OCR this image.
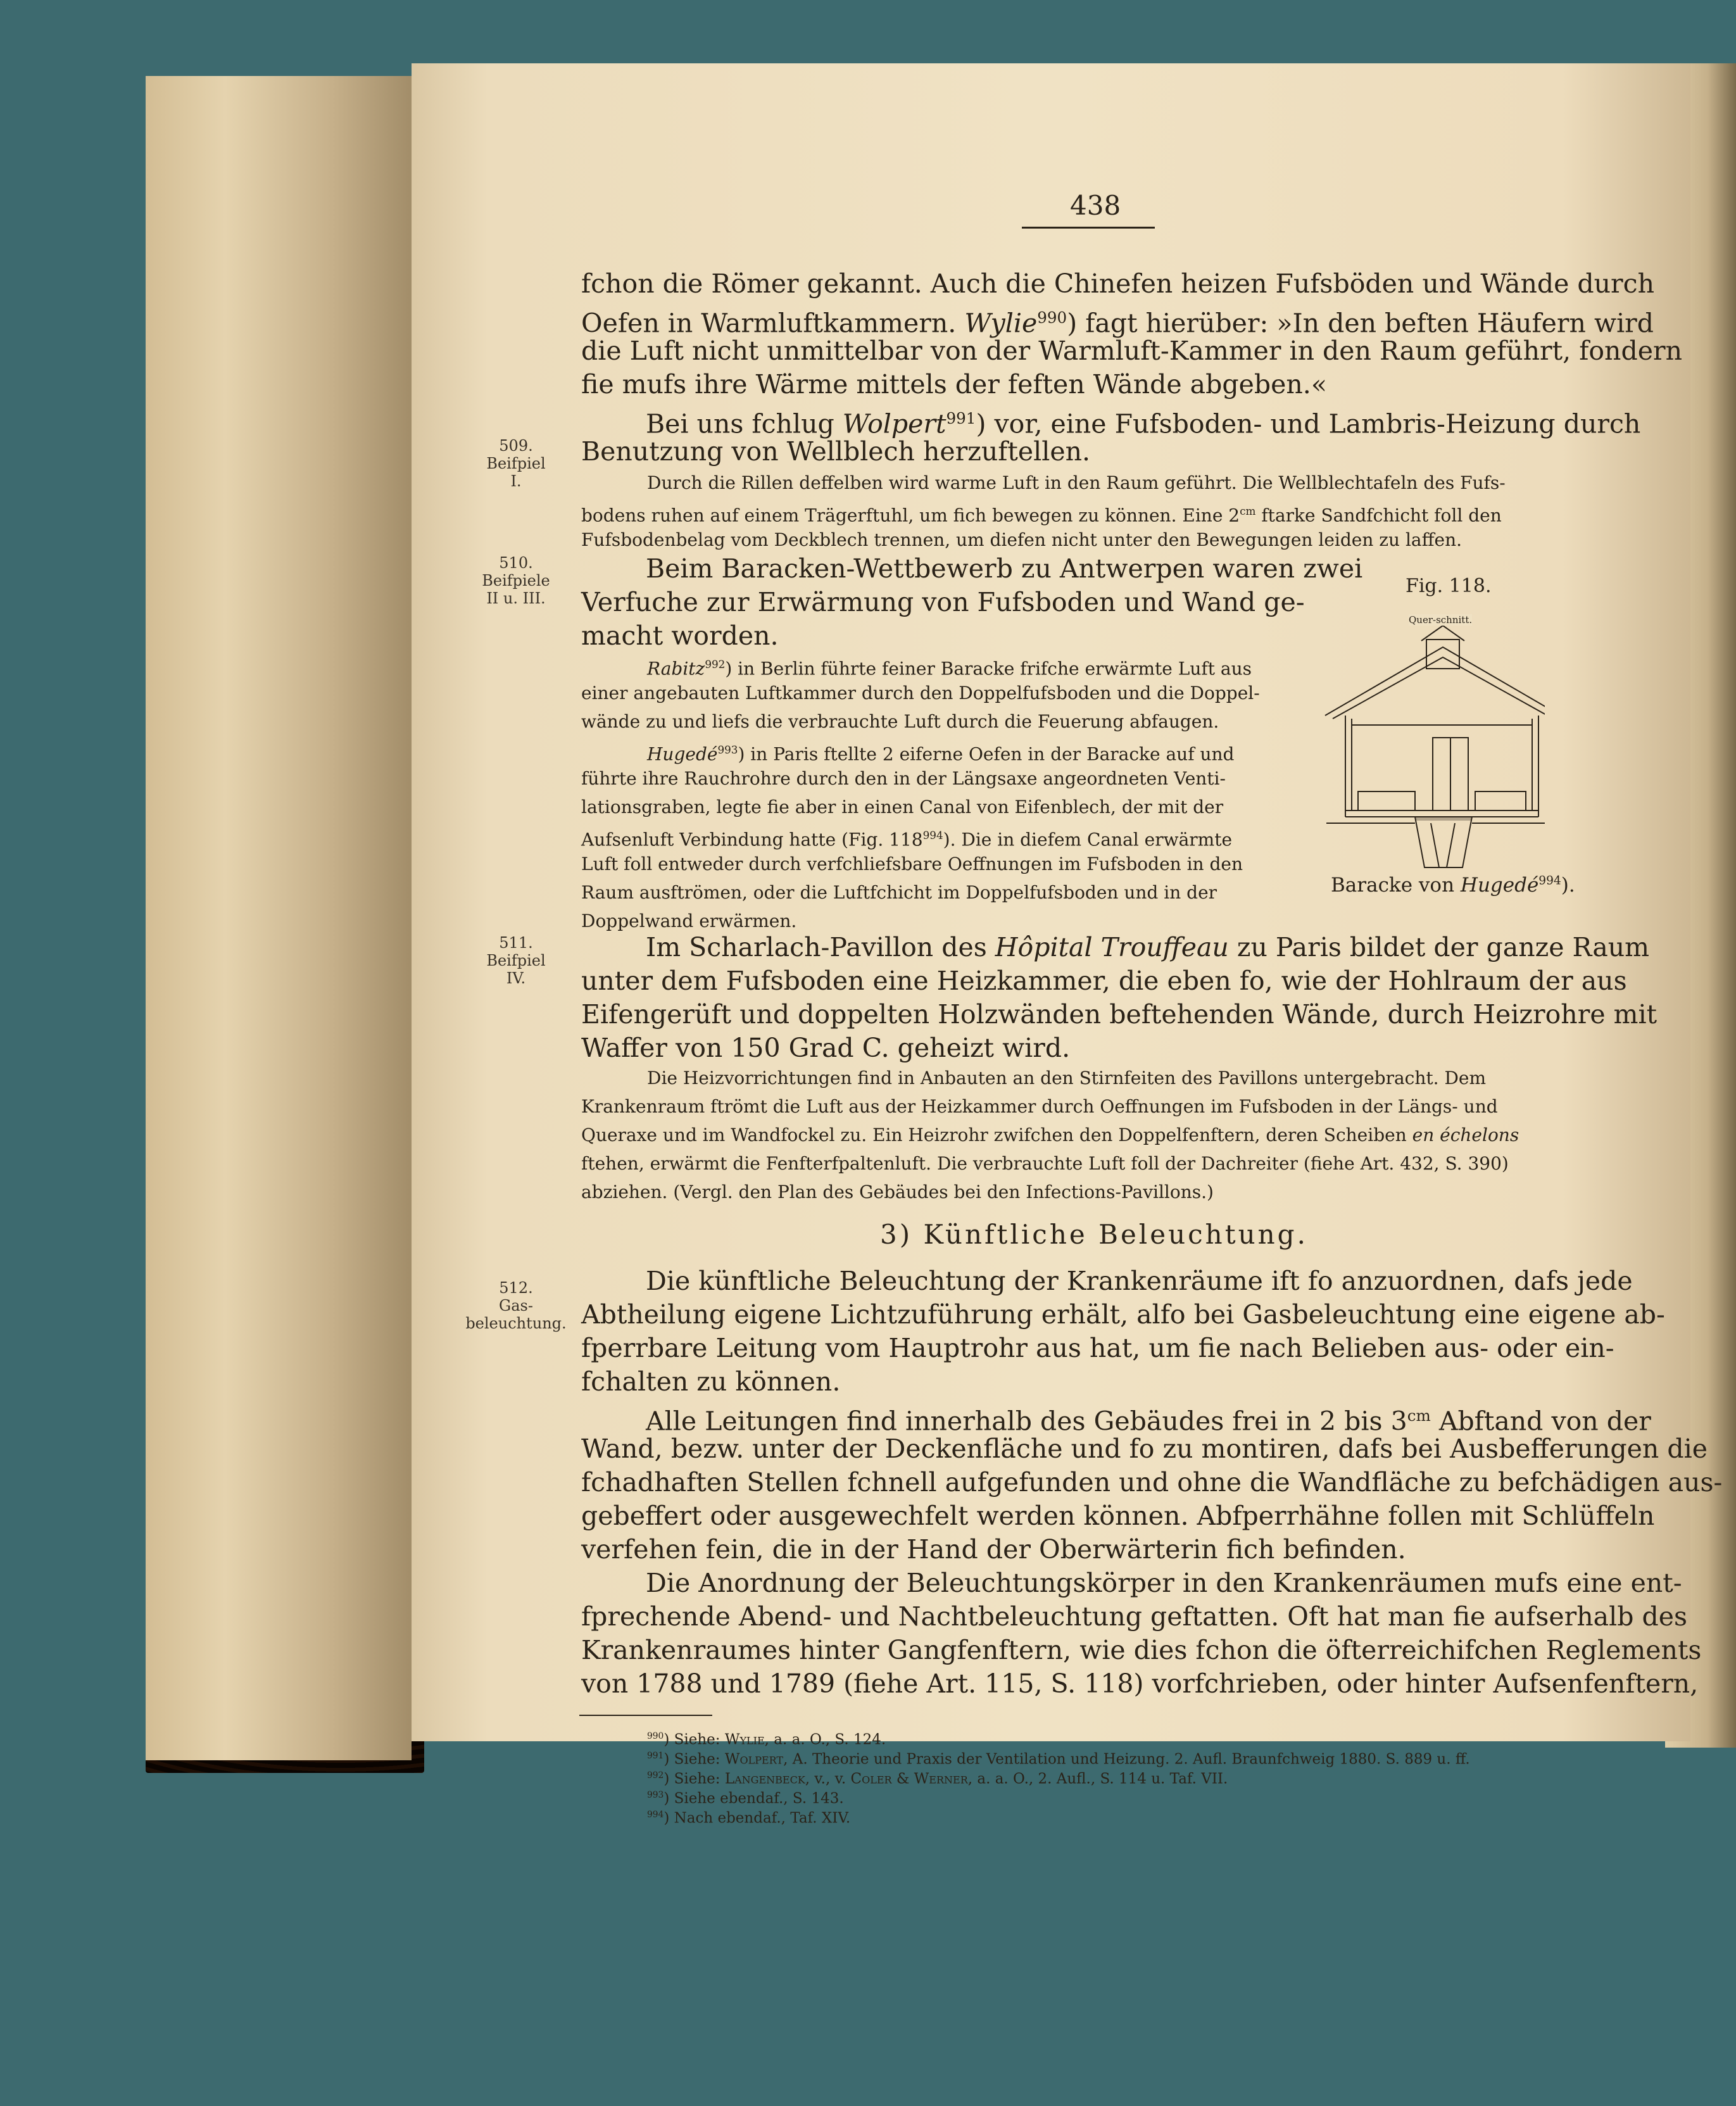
438
509.
Beifpiel
I.
510.
Beifpiele
II u. III.
511.
Beifpiel
IV.
512.
Gas-
beleuchtung.
Fig. 118.
Quer-schnitt.
Baracke von Hugedé$^{994}$).
fchon die Römer gekannt. Auch die Chinefen heizen Fufsböden und Wände durch
Oefen in Warmluftkammern. Wylie$^{990}$) fagt hierüber: »In den beften Häufern wird
die Luft nicht unmittelbar von der Warmluft-Kammer in den Raum geführt, fondern
fie mufs ihre Wärme mittels der feften Wände abgeben.«
Bei uns fchlug Wolpert$^{991}$) vor, eine Fufsboden- und Lambris-Heizung durch
Benutzung von Wellblech herzuftellen.
Durch die Rillen deffelben wird warme Luft in den Raum geführt. Die Wellblechtafeln des Fufs-
bodens ruhen auf einem Trägerftuhl, um fich bewegen zu können. Eine $2^{cm}$ ftarke Sandfchicht foll den
Fufsbodenbelag vom Deckblech trennen, um diefen nicht unter den Bewegungen leiden zu laffen.
Beim Baracken-Wettbewerb zu Antwerpen waren zwei
Verfuche zur Erwärmung von Fufsboden und Wand ge-
macht worden.
Rabitz$^{992}$) in Berlin führte feiner Baracke frifche erwärmte Luft aus
einer angebauten Luftkammer durch den Doppelfufsboden und die Doppel-
wände zu und liefs die verbrauchte Luft durch die Feuerung abfaugen.
Hugedé$^{993}$) in Paris ftellte 2 eiferne Oefen in der Baracke auf und
führte ihre Rauchrohre durch den in der Längsaxe angeordneten Venti-
lationsgraben, legte fie aber in einen Canal von Eifenblech, der mit der
Aufsenluft Verbindung hatte (Fig. $118^{994}$). Die in diefem Canal erwärmte
Luft foll entweder durch verfchliefsbare Oeffnungen im Fufsboden in den
Raum ausftrömen, oder die Luftfchicht im Doppelfufsboden und in der
Doppelwand erwärmen.
Im Scharlach-Pavillon des Hôpital Trouffeau zu Paris bildet der ganze Raum
unter dem Fufsboden eine Heizkammer, die eben fo, wie der Hohlraum der aus
Eifengerüft und doppelten Holzwänden beftehenden Wände, durch Heizrohre mit
Waffer von 150 Grad C. geheizt wird.
Die Heizvorrichtungen find in Anbauten an den Stirnfeiten des Pavillons untergebracht. Dem
Krankenraum ftrömt die Luft aus der Heizkammer durch Oeffnungen im Fufsboden in der Längs- und
Queraxe und im Wandfockel zu. Ein Heizrohr zwifchen den Doppelfenftern, deren Scheiben en échelons
ftehen, erwärmt die Fenfterfpaltenluft. Die verbrauchte Luft foll der Dachreiter (fiehe Art. 432, S. 390)
abziehen. (Vergl. den Plan des Gebäudes bei den Infections-Pavillons.)
3) Künftliche Beleuchtung.
Die künftliche Beleuchtung der Krankenräume ift fo anzuordnen, dafs jede
Abtheilung eigene Lichtzuführung erhält, alfo bei Gasbeleuchtung eine eigene ab-
fperrbare Leitung vom Hauptrohr aus hat, um fie nach Belieben aus- oder ein-
fchalten zu können.
Alle Leitungen find innerhalb des Gebäudes frei in 2 bis $3^{cm}$ Abftand von der
Wand, bezw. unter der Deckenfläche und fo zu montiren, dafs bei Ausbefferungen die
fchadhaften Stellen fchnell aufgefunden und ohne die Wandfläche zu befchädigen aus-
gebeffert oder ausgewechfelt werden können. Abfperrhähne follen mit Schlüffeln
verfehen fein, die in der Hand der Oberwärterin fich befinden.
Die Anordnung der Beleuchtungskörper in den Krankenräumen mufs eine ent-
fprechende Abend- und Nachtbeleuchtung geftatten. Oft hat man fie aufserhalb des
Krankenraumes hinter Gangfenftern, wie dies fchon die öfterreichifchen Reglements
von 1788 und 1789 (fiehe Art. 115, S. 118) vorfchrieben, oder hinter Aufsenfenftern,
$^{990}$) Siehe: Wylie, a. a. O., S. 124.
$^{991}$) Siehe: Wolpert, A. Theorie und Praxis der Ventilation und Heizung. 2. Aufl. Braunfchweig 1880. S. 889 u. ff.
$^{992}$) Siehe: Langenbeck, v., v. Coler & Werner, a. a. O., 2. Aufl., S. 114 u. Taf. VII.
$^{993}$) Siehe ebendaf., S. 143.
$^{994}$) Nach ebendaf., Taf. XIV.
